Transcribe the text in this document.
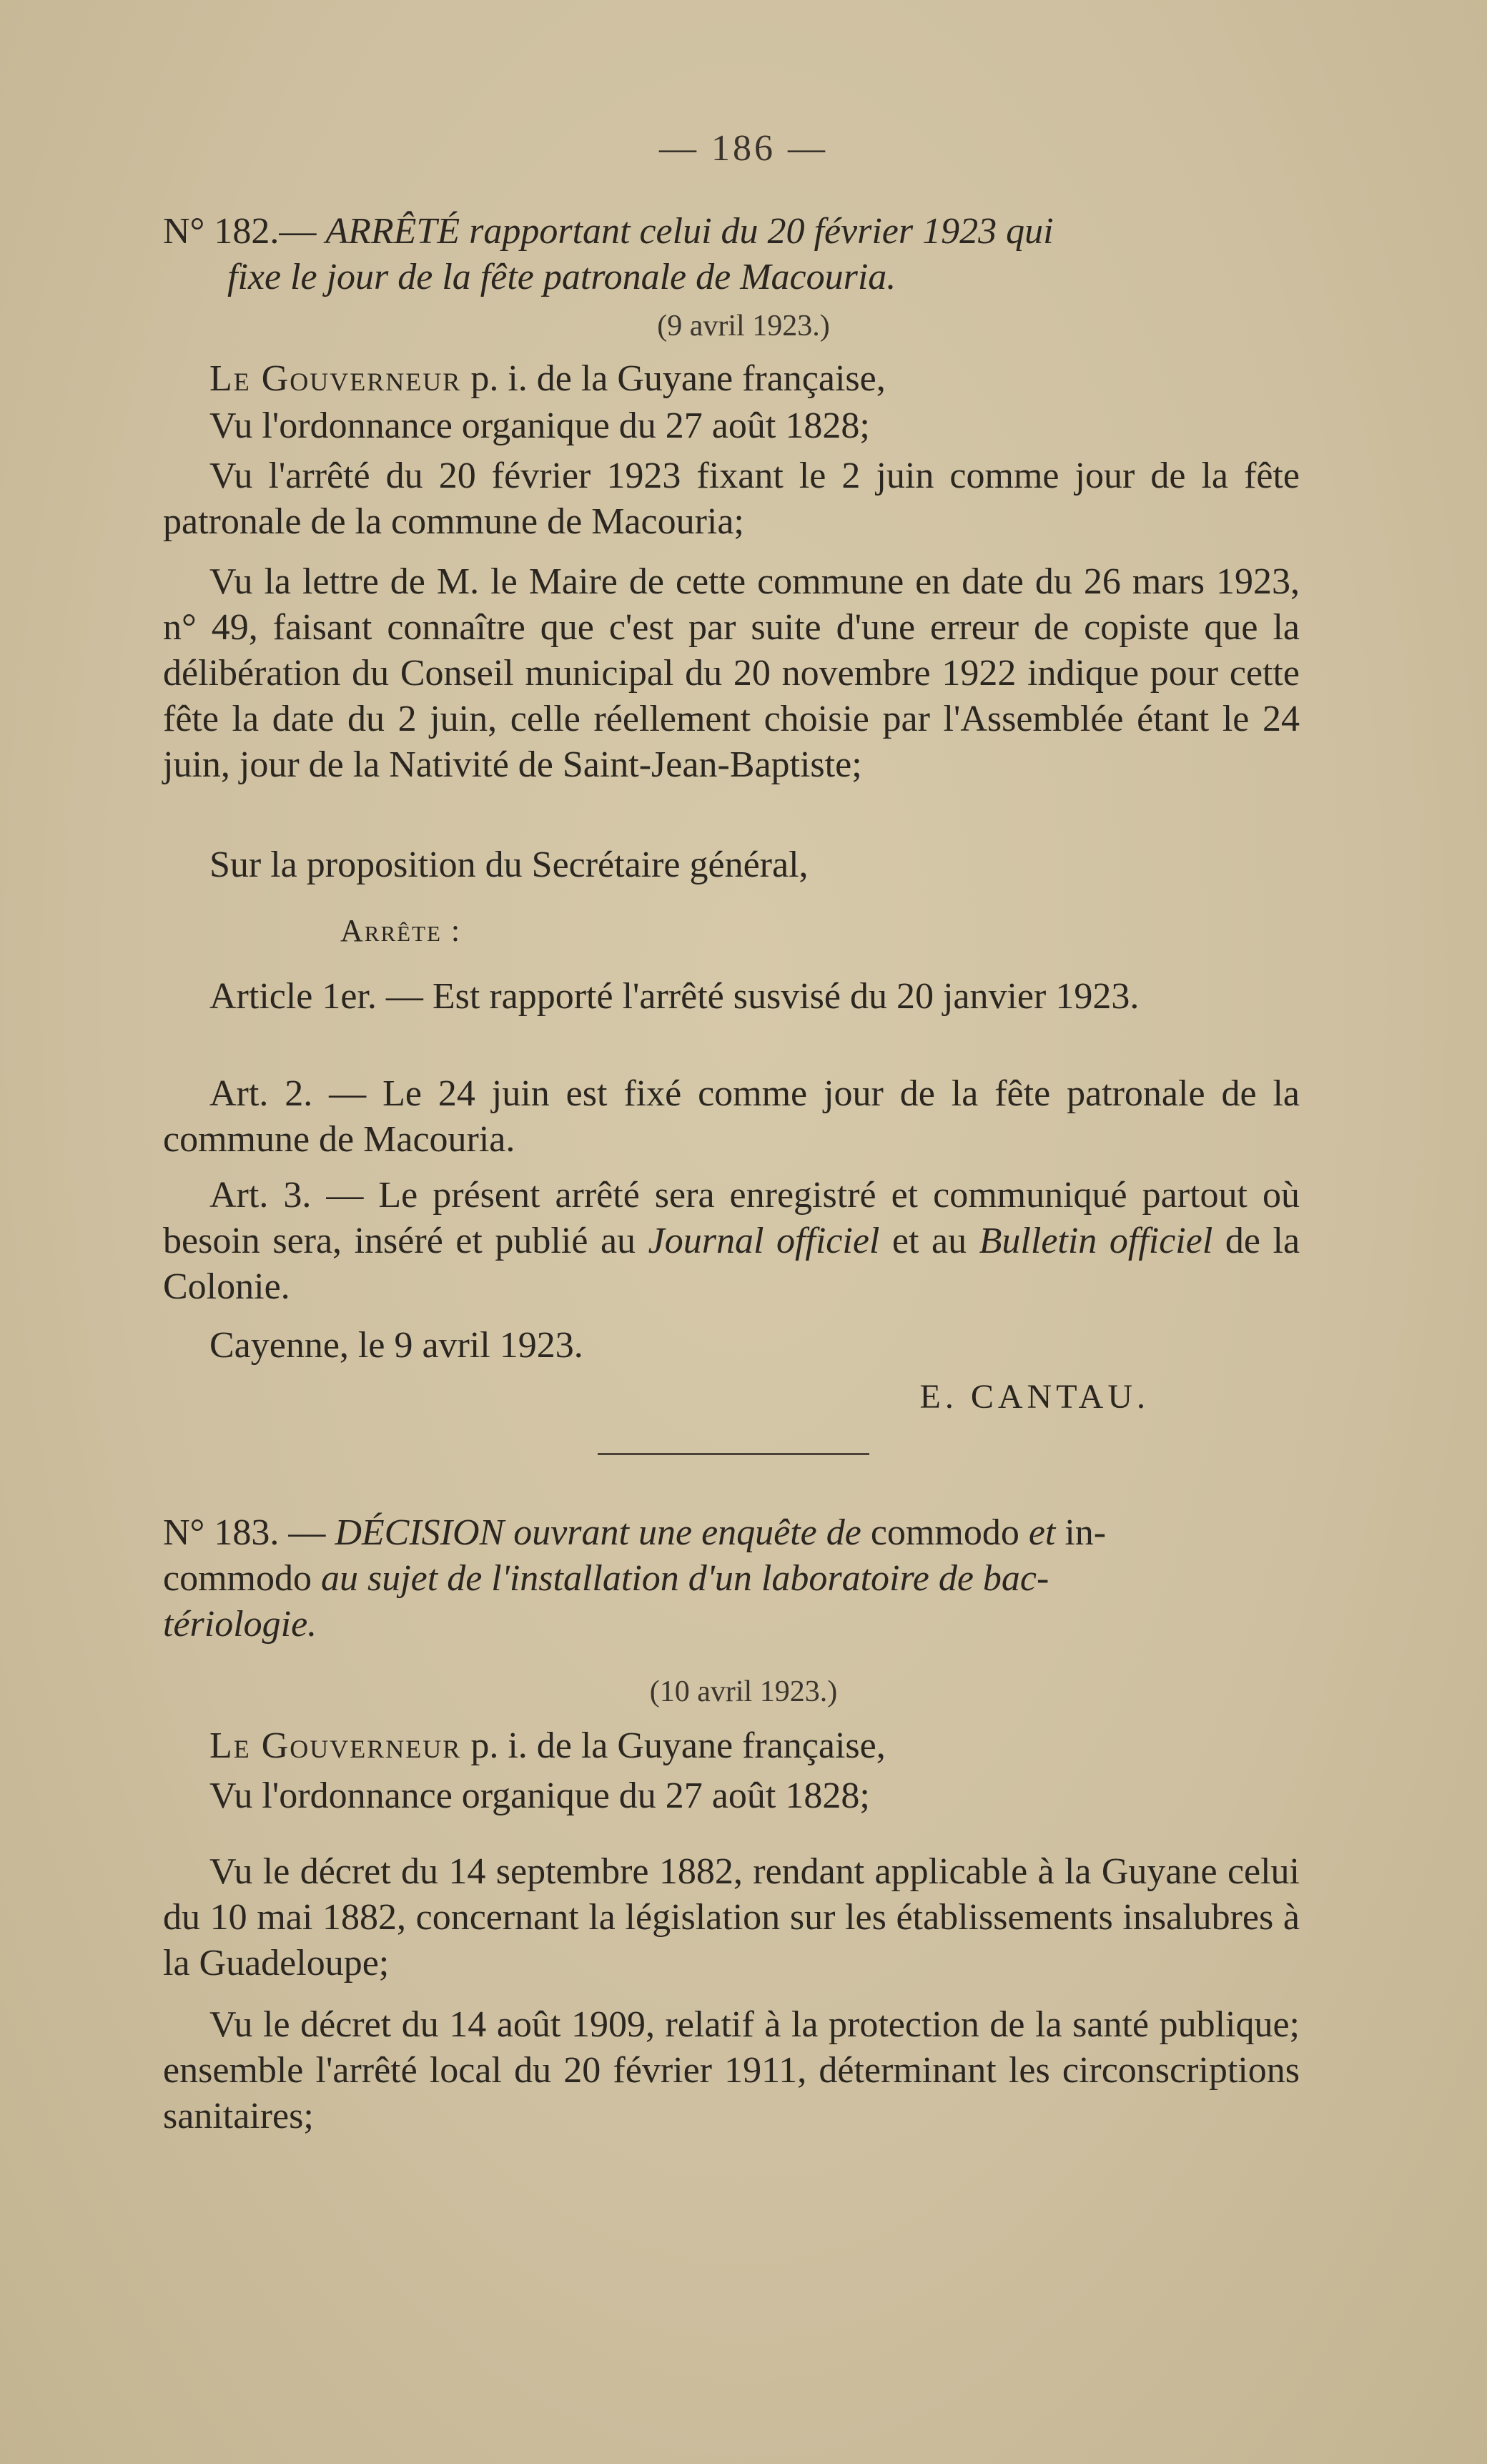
— 186 —
N° 182.— ARRÊTÉ rapportant celui du 20 février 1923 qui
fixe le jour de la fête patronale de Macouria.
(9 avril 1923.)
Le Gouverneur p. i. de la Guyane française,
Vu l'ordonnance organique du 27 août 1828;
Vu l'arrêté du 20 février 1923 fixant le 2 juin comme jour de la fête patronale de la commune de Macouria;
Vu la lettre de M. le Maire de cette commune en date du 26 mars 1923, n° 49, faisant connaître que c'est par suite d'une erreur de copiste que la délibération du Conseil municipal du 20 novembre 1922 indique pour cette fête la date du 2 juin, celle réellement choisie par l'Assemblée étant le 24 juin, jour de la Nativité de Saint-Jean-Baptiste;
Sur la proposition du Secrétaire général,
Arrête :
Article 1er. — Est rapporté l'arrêté susvisé du 20 janvier 1923.
Art. 2. — Le 24 juin est fixé comme jour de la fête patronale de la commune de Macouria.
Art. 3. — Le présent arrêté sera enregistré et communiqué partout où besoin sera, inséré et publié au Journal officiel et au Bulletin officiel de la Colonie.
Cayenne, le 9 avril 1923.
E. CANTAU.
N° 183. — DÉCISION ouvrant une enquête de commodo et in-
commodo au sujet de l'installation d'un laboratoire de bac-
tériologie.
(10 avril 1923.)
Le Gouverneur p. i. de la Guyane française,
Vu l'ordonnance organique du 27 août 1828;
Vu le décret du 14 septembre 1882, rendant applicable à la Guyane celui du 10 mai 1882, concernant la législation sur les établissements insalubres à la Guadeloupe;
Vu le décret du 14 août 1909, relatif à la protection de la santé publique; ensemble l'arrêté local du 20 février 1911, déterminant les circonscriptions sanitaires;
